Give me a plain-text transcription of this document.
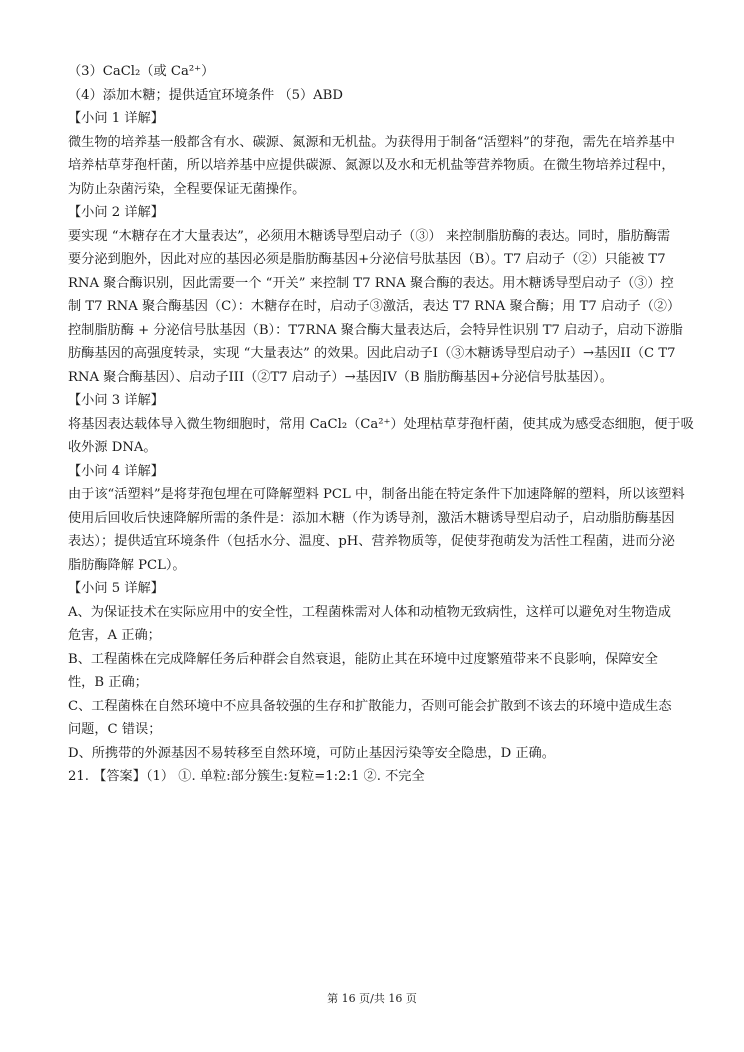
（3）CaCl₂（或 Ca²⁺）

（4）添加木糖；提供适宜环境条件 （5）ABD

【小问 1 详解】

微生物的培养基一般都含有水、碳源、氮源和无机盐。为获得用于制备“活塑料”的芽孢，需先在培养基中

培养枯草芽孢杆菌，所以培养基中应提供碳源、氮源以及水和无机盐等营养物质。在微生物培养过程中，

为防止杂菌污染，全程要保证无菌操作。

【小问 2 详解】

要实现 “木糖存在才大量表达”，必须用木糖诱导型启动子（③） 来控制脂肪酶的表达。同时，脂肪酶需

要分泌到胞外，因此对应的基因必须是脂肪酶基因+分泌信号肽基因（B）。T7 启动子（②）只能被 T7

RNA 聚合酶识别，因此需要一个 “开关” 来控制 T7 RNA 聚合酶的表达。用木糖诱导型启动子（③）控

制 T7 RNA 聚合酶基因（C）：木糖存在时，启动子③激活，表达 T7 RNA 聚合酶；用 T7 启动子（②）

控制脂肪酶 + 分泌信号肽基因（B）：T7RNA 聚合酶大量表达后，会特异性识别 T7 启动子，启动下游脂

肪酶基因的高强度转录，实现 “大量表达” 的效果。因此启动子I（③木糖诱导型启动子）→基因II（C T7

RNA 聚合酶基因）、启动子III（②T7 启动子）→基因IV（B 脂肪酶基因+分泌信号肽基因）。

【小问 3 详解】

将基因表达载体导入微生物细胞时，常用 CaCl₂（Ca²⁺）处理枯草芽孢杆菌，使其成为感受态细胞，便于吸

收外源 DNA。

【小问 4 详解】

由于该“活塑料”是将芽孢包埋在可降解塑料 PCL 中，制备出能在特定条件下加速降解的塑料，所以该塑料

使用后回收后快速降解所需的条件是：添加木糖（作为诱导剂，激活木糖诱导型启动子，启动脂肪酶基因

表达）；提供适宜环境条件（包括水分、温度、pH、营养物质等，促使芽孢萌发为活性工程菌，进而分泌

脂肪酶降解 PCL）。

【小问 5 详解】

A、为保证技术在实际应用中的安全性，工程菌株需对人体和动植物无致病性，这样可以避免对生物造成

危害，A 正确；

B、工程菌株在完成降解任务后种群会自然衰退，能防止其在环境中过度繁殖带来不良影响，保障安全

性，B 正确；

C、工程菌株在自然环境中不应具备较强的生存和扩散能力，否则可能会扩散到不该去的环境中造成生态

问题，C 错误；

D、所携带的外源基因不易转移至自然环境，可防止基因污染等安全隐患，D 正确。

21. 【答案】（1） ①. 单粒:部分簇生:复粒=1:2:1 ②. 不完全

第 16 页/共 16 页
